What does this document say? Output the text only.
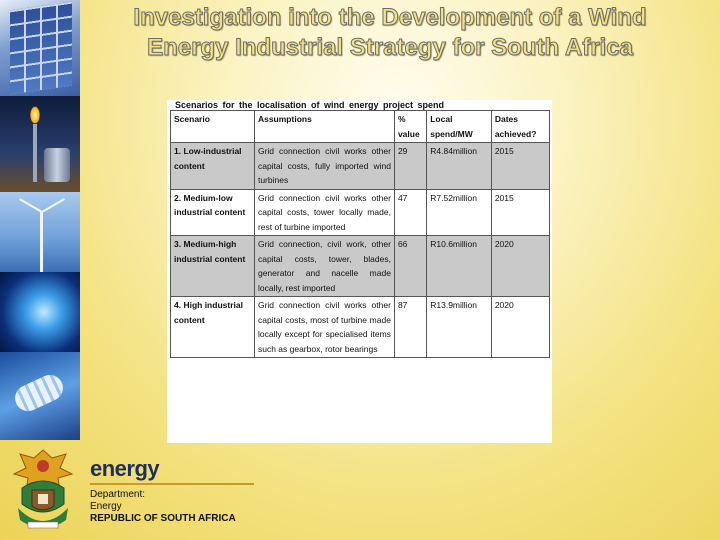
Investigation into the Development of a Wind Energy Industrial Strategy for South Africa
Scenarios for the localisation of wind energy project spend
Scenario	Assumptions	% value	Local spend/MW	Dates achieved?
1. Low-industrial content	Grid connection civil works other capital costs, fully imported wind turbines	29	R4.84million	2015
2. Medium-low industrial content	Grid connection civil works other capital costs, tower locally made, rest of turbine imported	47	R7.52million	2015
3. Medium-high industrial content	Grid connection, civil work, other capital costs, tower, blades, generator and nacelle made locally, rest imported	66	R10.6million	2020
4. High industrial content	Grid connection civil works other capital costs, most of turbine made locally except for specialised items such as gearbox, rotor bearings	87	R13.9million	2020
energy
Department:
Energy
REPUBLIC OF SOUTH AFRICA
